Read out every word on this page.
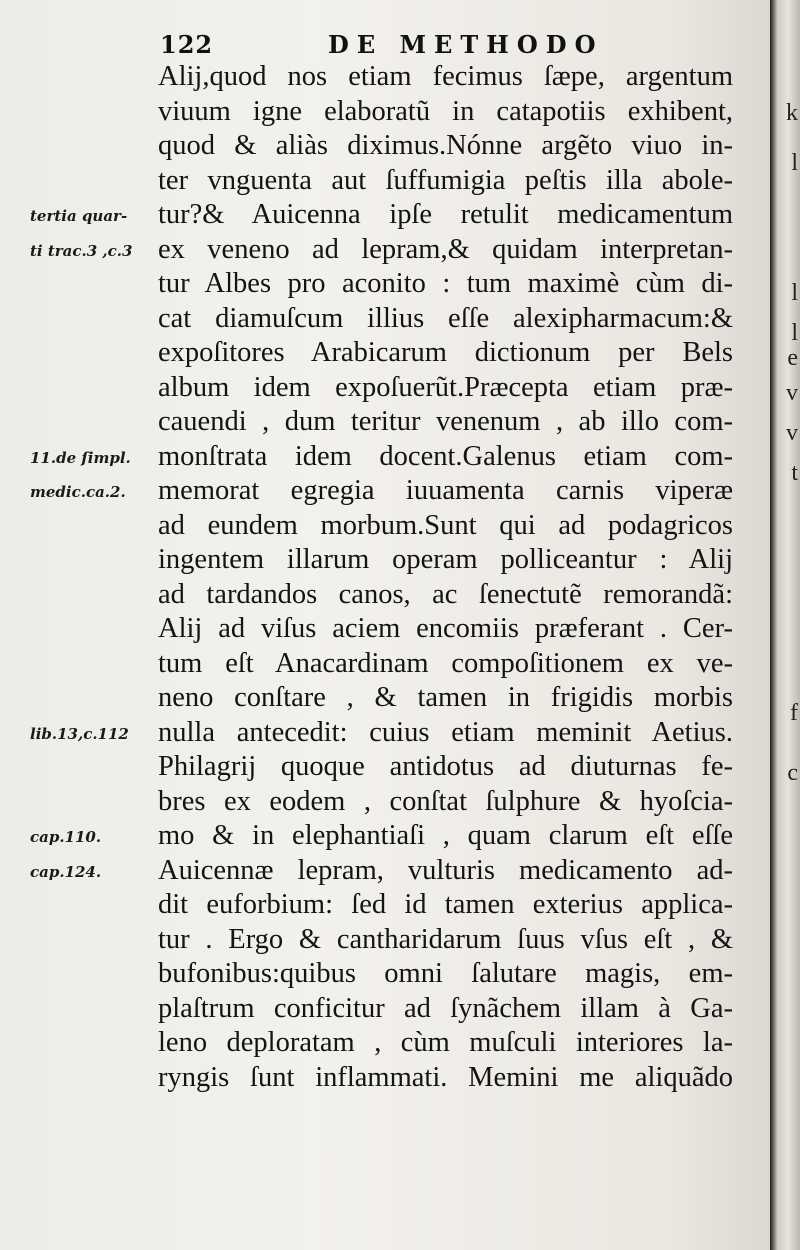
122	DE METHODO
Alij,quod nos etiam fecimus ſæpe, argentum
viuum igne elaboratũ in catapotiis exhibent,
quod & aliàs diximus.Nónne argẽto viuo in-
ter vnguenta aut ſuffumigia peſtis illa abole-
tur?& Auicenna ipſe retulit medicamentum
ex veneno ad lepram,& quidam interpretan-
tur Albes pro aconito : tum maximè cùm di-
cat diamuſcum illius eſſe alexipharmacum:&
expoſitores Arabicarum dictionum per Bels
album idem expoſuerũt.Præcepta etiam præ-
cauendi , dum teritur venenum , ab illo com-
monſtrata idem docent.Galenus etiam com-
memorat egregia iuuamenta carnis viperæ
ad eundem morbum.Sunt qui ad podagricos
ingentem illarum operam polliceantur : Alij
ad tardandos canos, ac ſenectutẽ remorandã:
Alij ad viſus aciem encomiis præferant . Cer-
tum eſt Anacardinam compoſitionem ex ve-
neno conſtare , & tamen in frigidis morbis
nulla antecedit: cuius etiam meminit Aetius.
Philagrij quoque antidotus ad diuturnas fe-
bres ex eodem , conſtat ſulphure & hyoſcia-
mo & in elephantiaſi , quam clarum eſt eſſe
Auicennæ lepram, vulturis medicamento ad-
dit euforbium: ſed id tamen exterius applica-
tur . Ergo & cantharidarum ſuus vſus eſt , &
bufonibus:quibus omni ſalutare magis, em-
plaſtrum conficitur ad ſynãchem illam à Ga-
leno deploratam , cùm muſculi interiores la-
ryngis ſunt inflammati. Memini me aliquãdo
tertia quar-
ti trac.3 ,c.3
11.de ſimpl.
medic.ca.2.
lib.13,c.112
cap.110.
cap.124.
k
l
l
l
e
v
v
t
f
c
